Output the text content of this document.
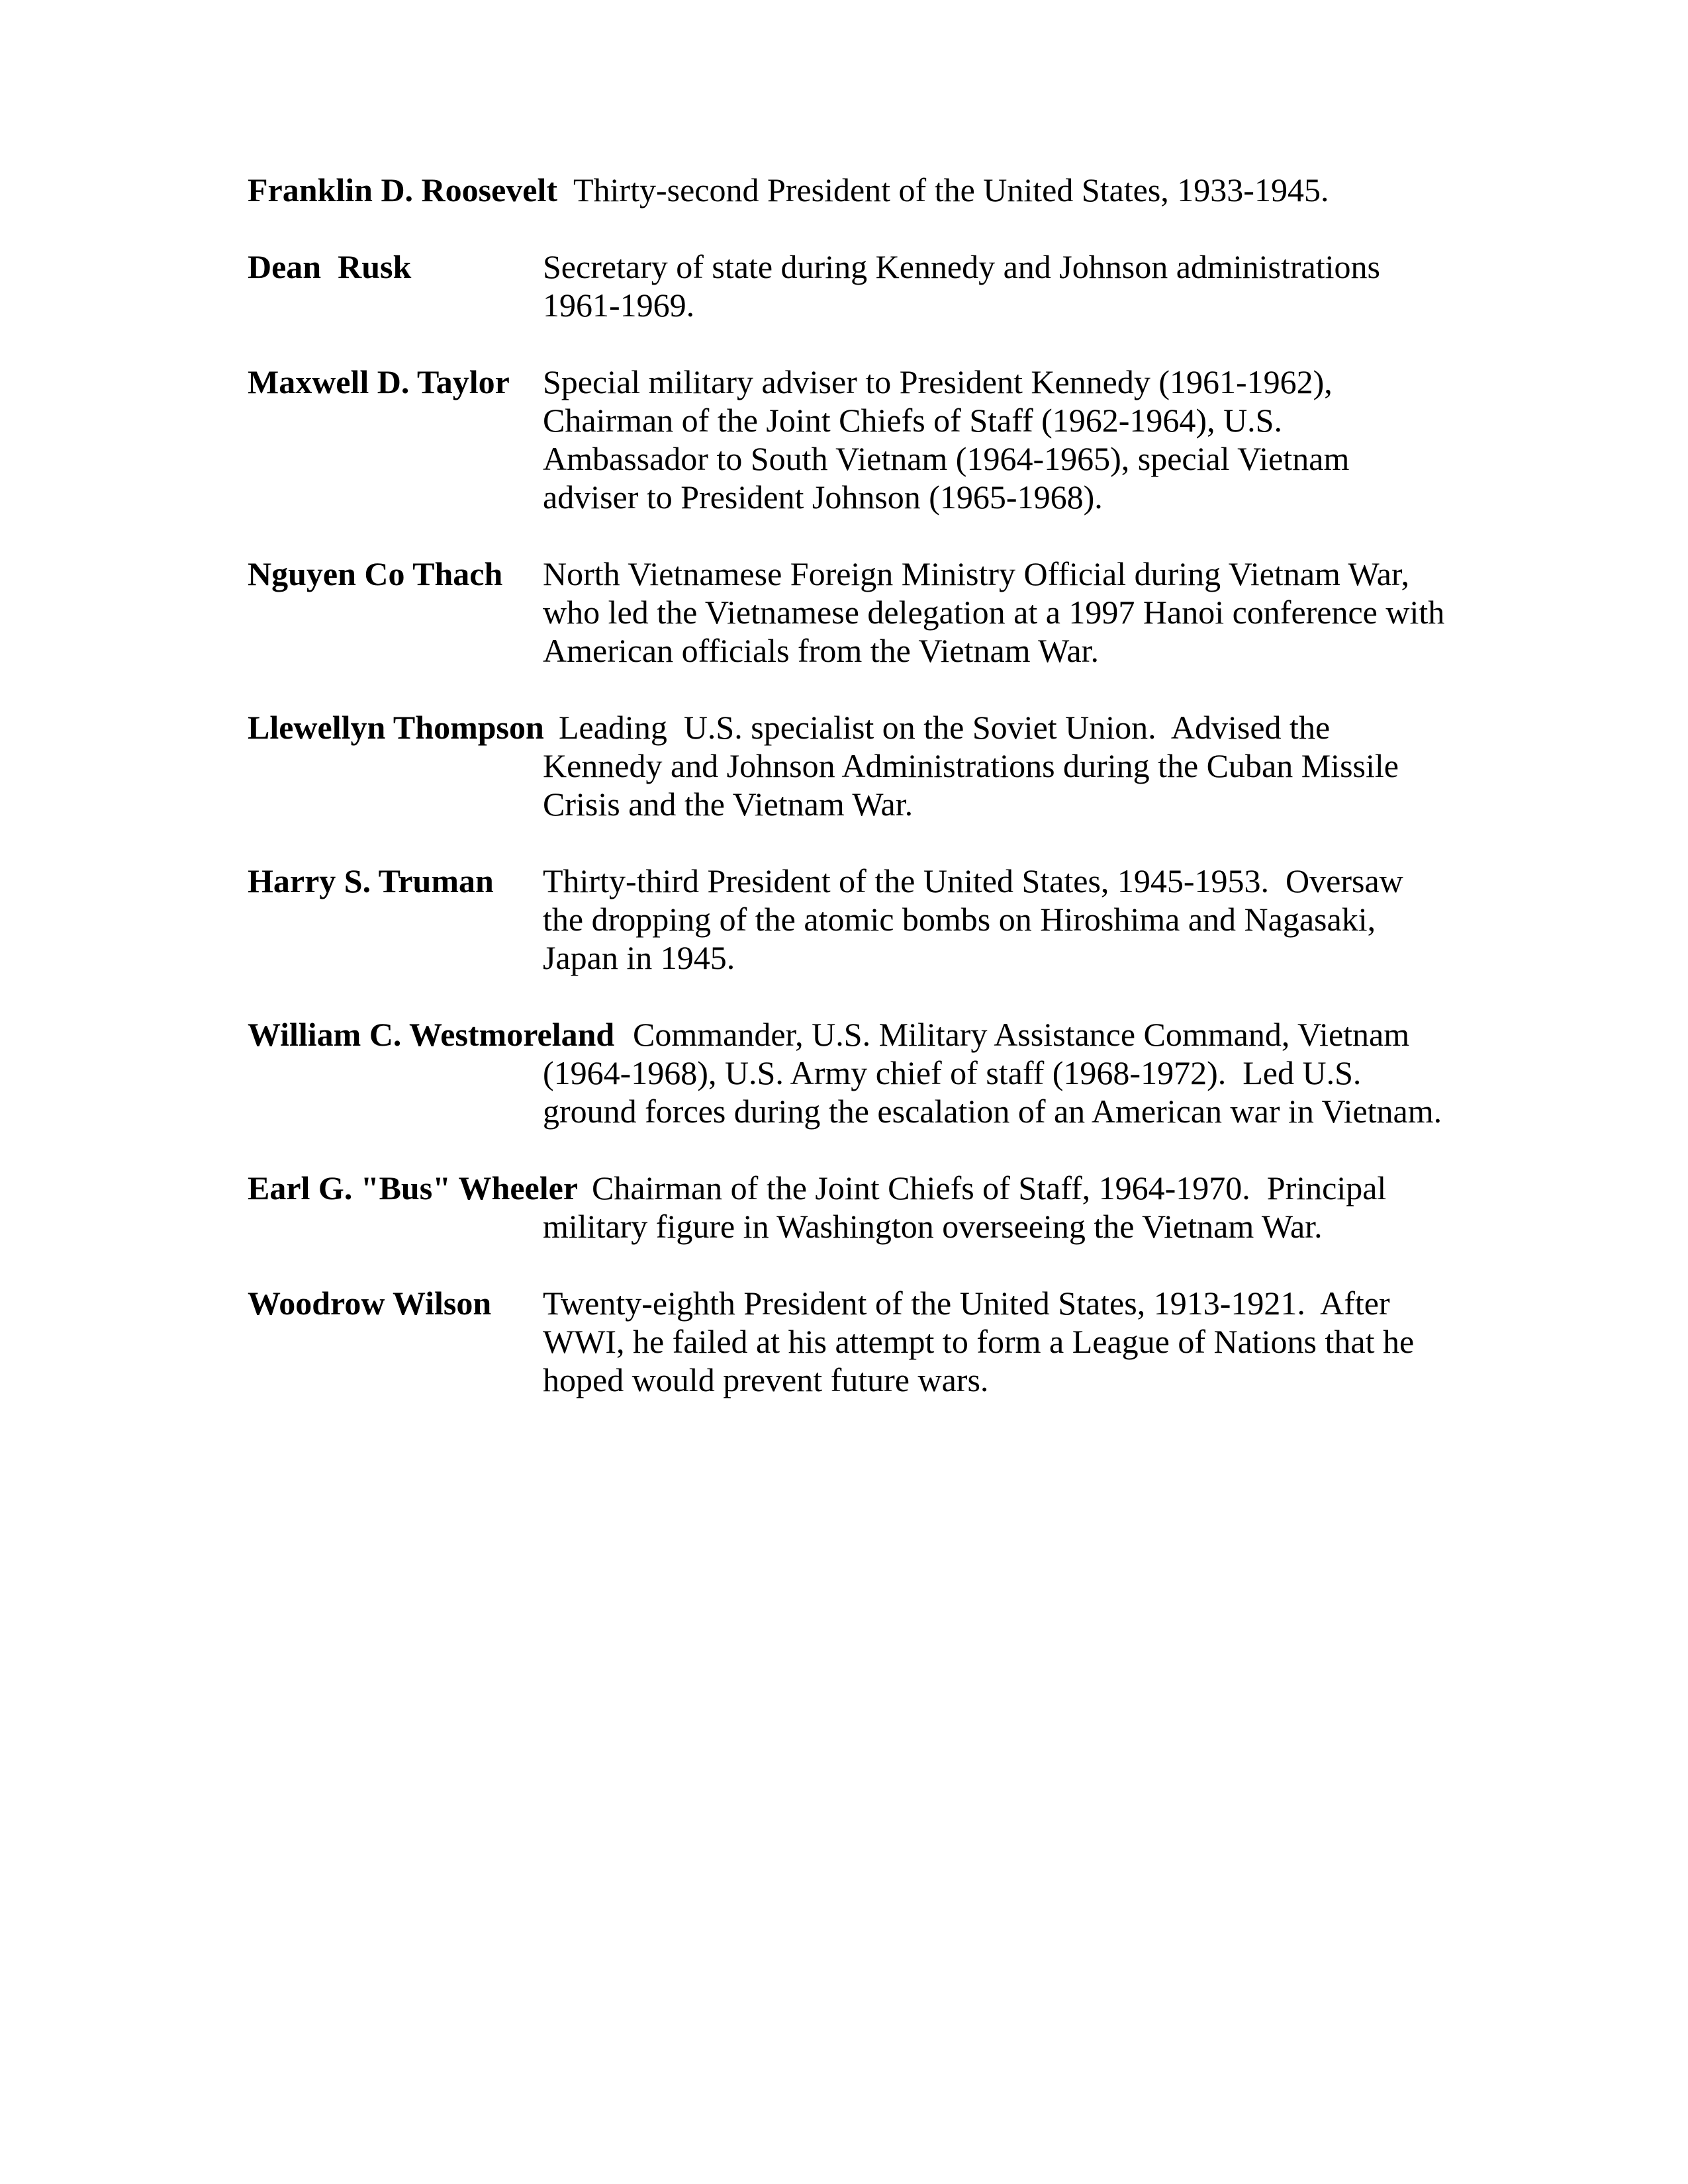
Franklin D. Roosevelt Thirty-second President of the United States, 1933-1945.
Dean  Rusk	Secretary of state during Kennedy and Johnson administrations
1961-1969.
Maxwell D. Taylor Special military adviser to President Kennedy (1961-1962),
Chairman of the Joint Chiefs of Staff (1962-1964), U.S.
Ambassador to South Vietnam (1964-1965), special Vietnam
adviser to President Johnson (1965-1968).
Nguyen Co Thach North Vietnamese Foreign Ministry Official during Vietnam War,
who led the Vietnamese delegation at a 1997 Hanoi conference with
American officials from the Vietnam War.
Llewellyn Thompson Leading  U.S. specialist on the Soviet Union.  Advised the
Kennedy and Johnson Administrations during the Cuban Missile
Crisis and the Vietnam War.
Harry S. Truman Thirty-third President of the United States, 1945-1953.  Oversaw
the dropping of the atomic bombs on Hiroshima and Nagasaki,
Japan in 1945.
William C. Westmoreland Commander, U.S. Military Assistance Command, Vietnam
(1964-1968), U.S. Army chief of staff (1968-1972).  Led U.S.
ground forces during the escalation of an American war in Vietnam.
Earl G. "Bus" Wheeler Chairman of the Joint Chiefs of Staff, 1964-1970.  Principal
military figure in Washington overseeing the Vietnam War.
Woodrow Wilson Twenty-eighth President of the United States, 1913-1921.  After
WWI, he failed at his attempt to form a League of Nations that he
hoped would prevent future wars.
